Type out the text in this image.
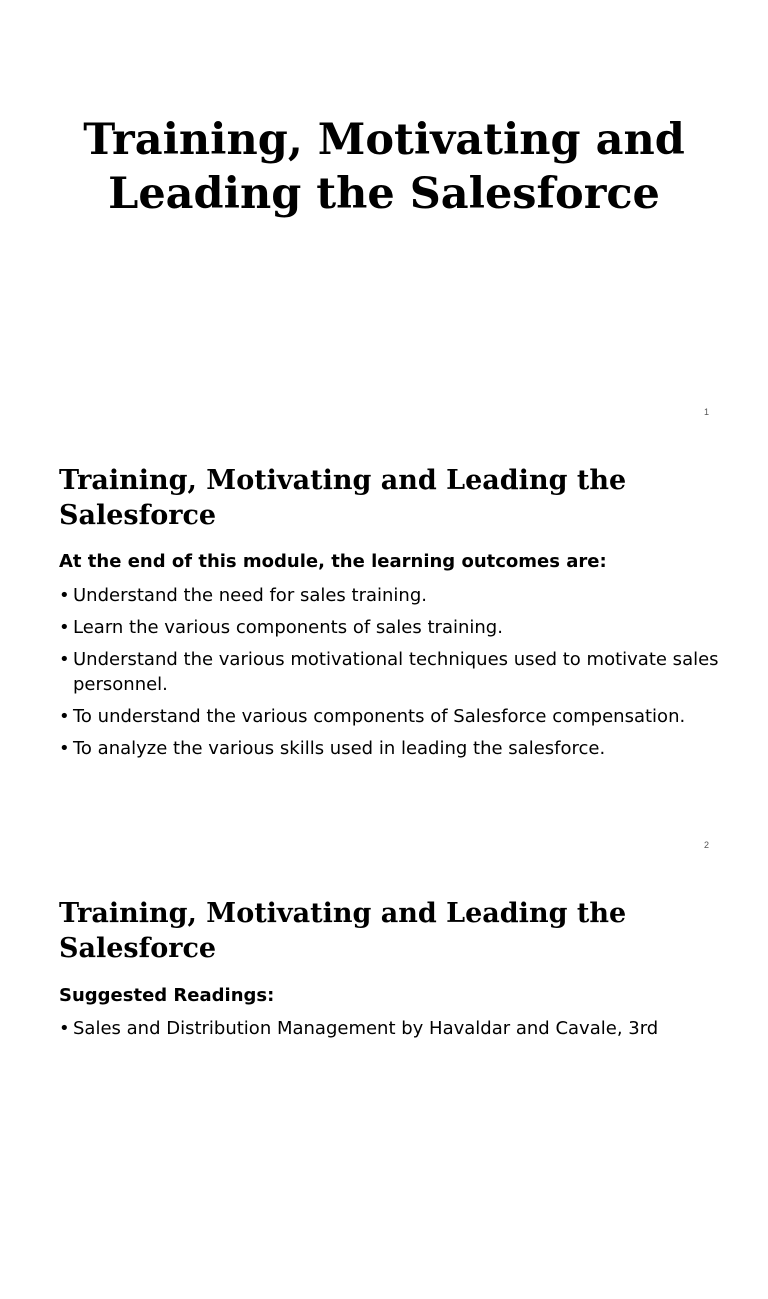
Training, Motivating and
Leading the Salesforce
1
Training, Motivating and Leading the
Salesforce

At the end of this module, the learning outcomes are:

• Understand the need for sales training.
• Learn the various components of sales training.
• Understand the various motivational techniques used to motivate sales personnel.
• To understand the various components of Salesforce compensation.
• To analyze the various skills used in leading the salesforce.
2
Training, Motivating and Leading the
Salesforce

Suggested Readings:

• Sales and Distribution Management by Havaldar and Cavale, 3rd
